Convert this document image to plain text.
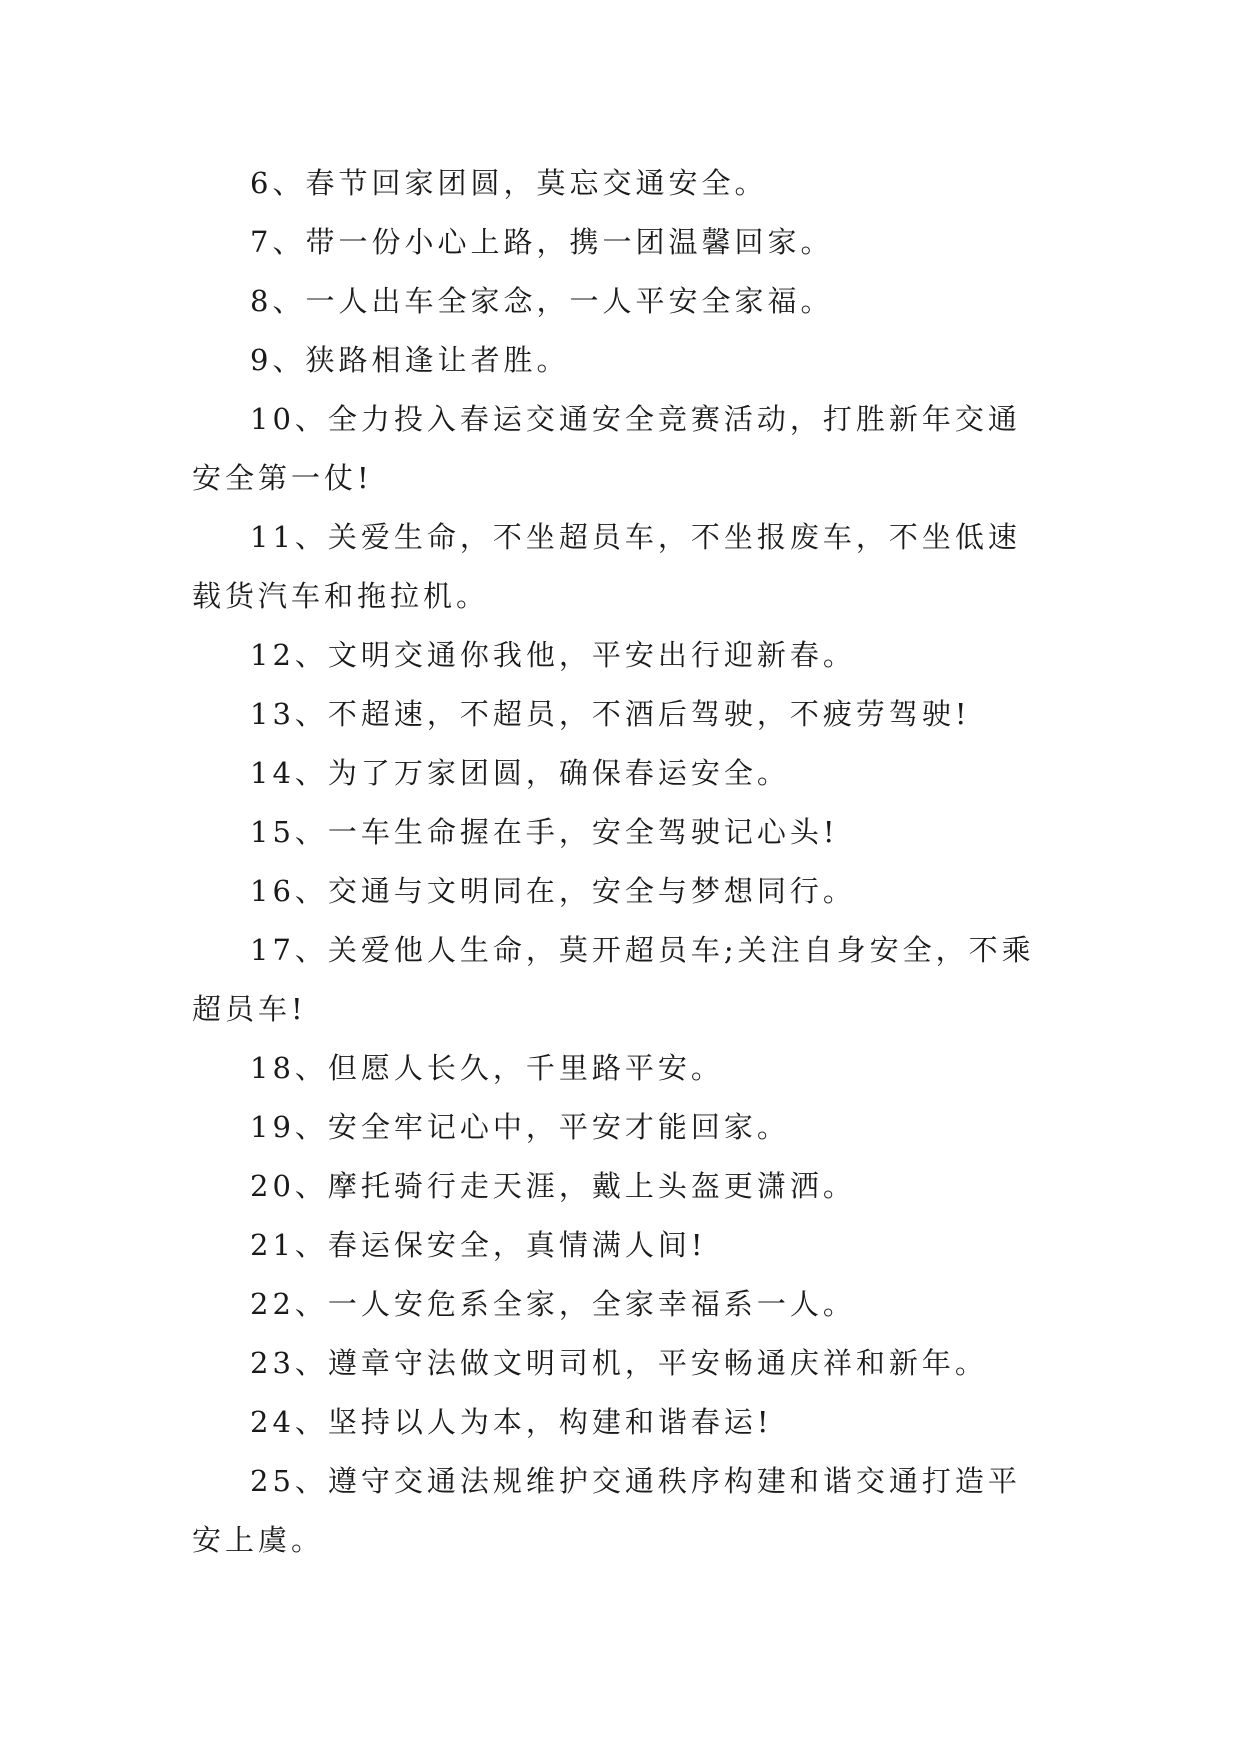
6、春节回家团圆，莫忘交通安全。

7、带一份小心上路，携一团温馨回家。

8、一人出车全家念，一人平安全家福。

9、狭路相逢让者胜。

10、全力投入春运交通安全竞赛活动，打胜新年交通安全第一仗!

11、关爱生命，不坐超员车，不坐报废车，不坐低速载货汽车和拖拉机。

12、文明交通你我他，平安出行迎新春。

13、不超速，不超员，不酒后驾驶，不疲劳驾驶!

14、为了万家团圆，确保春运安全。

15、一车生命握在手，安全驾驶记心头!

16、交通与文明同在，安全与梦想同行。

17、关爱他人生命，莫开超员车;关注自身安全，不乘超员车!

18、但愿人长久，千里路平安。

19、安全牢记心中，平安才能回家。

20、摩托骑行走天涯，戴上头盔更潇洒。

21、春运保安全，真情满人间!

22、一人安危系全家，全家幸福系一人。

23、遵章守法做文明司机，平安畅通庆祥和新年。

24、坚持以人为本，构建和谐春运!

25、遵守交通法规维护交通秩序构建和谐交通打造平安上虞。
